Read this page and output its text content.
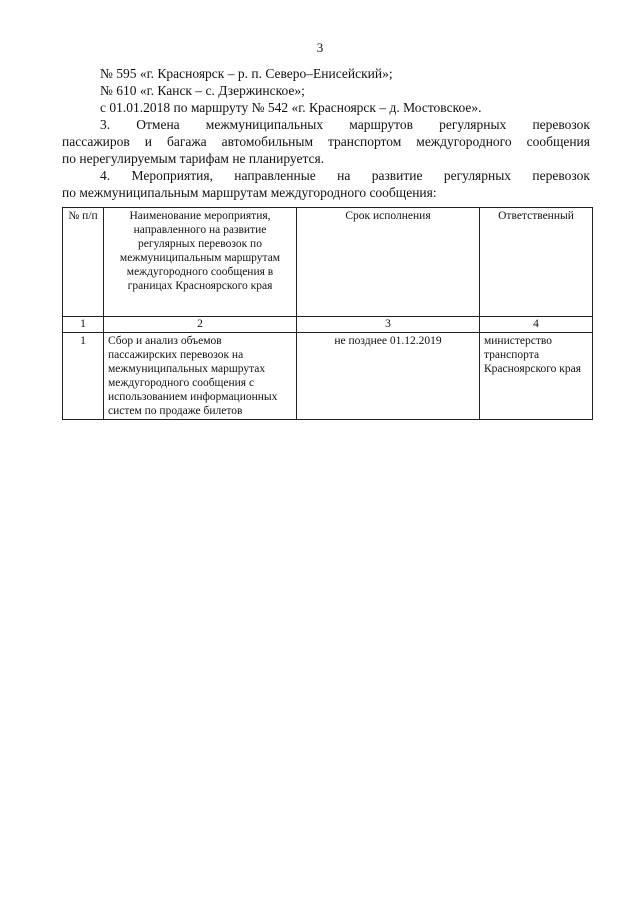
3
№ 595 «г. Красноярск – р. п. Северо–Енисейский»;
№ 610 «г. Канск – с. Дзержинское»;
с 01.01.2018 по маршруту № 542 «г. Красноярск – д. Мостовское».
3. Отмена межмуниципальных маршрутов регулярных перевозок
пассажиров и багажа автомобильным транспортом междугородного сообщения
по нерегулируемым тарифам не планируется.
4. Мероприятия, направленные на развитие регулярных перевозок
по межмуниципальным маршрутам междугородного сообщения:
№ п/п	Наименование мероприятия, направленного на развитие регулярных перевозок по межмуниципальным маршрутам междугородного сообщения в границах Красноярского края	Срок исполнения	Ответственный
1	2	3	4
1	Сбор и анализ объемов пассажирских перевозок на межмуниципальных маршрутах междугородного сообщения с использованием информационных систем по продаже билетов	не позднее 01.12.2019	министерство транспорта Красноярского края
